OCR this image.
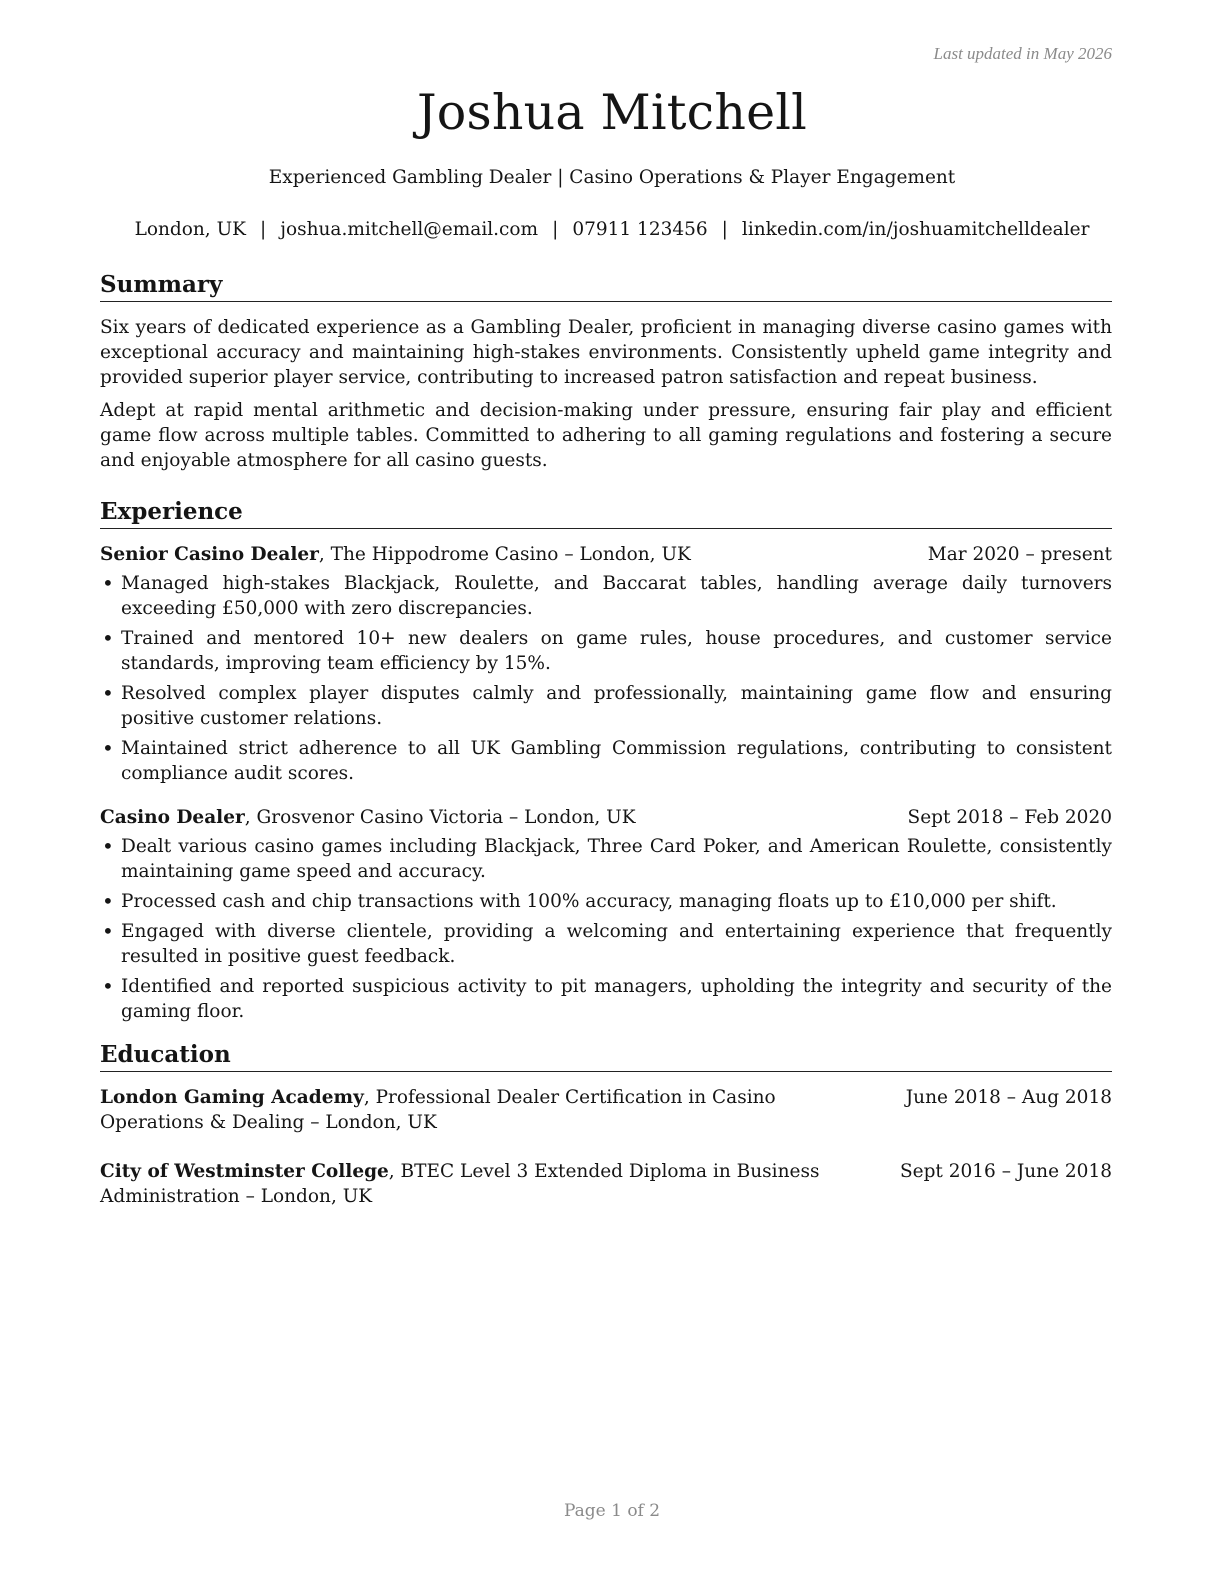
Last updated in May 2026
Joshua Mitchell
Experienced Gambling Dealer | Casino Operations & Player Engagement
London, UK | joshua.mitchell@email.com | 07911 123456 | linkedin.com/in/joshuamitchelldealer
Summary

Six years of dedicated experience as a Gambling Dealer, proficient in managing diverse casino games with exceptional accuracy and maintaining high-stakes environments. Consistently upheld game integrity and provided superior player service, contributing to increased patron satisfaction and repeat business.

Adept at rapid mental arithmetic and decision-making under pressure, ensuring fair play and efficient game flow across multiple tables. Committed to adhering to all gaming regulations and fostering a secure and enjoyable atmosphere for all casino guests.

Experience
Senior Casino Dealer, The Hippodrome Casino – London, UK	Mar 2020 – present
• Managed high-stakes Blackjack, Roulette, and Baccarat tables, handling average daily turnovers exceeding £50,000 with zero discrepancies.
• Trained and mentored 10+ new dealers on game rules, house procedures, and customer service standards, improving team efficiency by 15%.
• Resolved complex player disputes calmly and professionally, maintaining game flow and ensuring positive customer relations.
• Maintained strict adherence to all UK Gambling Commission regulations, contributing to consistent compliance audit scores.
Casino Dealer, Grosvenor Casino Victoria – London, UK	Sept 2018 – Feb 2020
• Dealt various casino games including Blackjack, Three Card Poker, and American Roulette, consistently maintaining game speed and accuracy.
• Processed cash and chip transactions with 100% accuracy, managing floats up to £10,000 per shift.
• Engaged with diverse clientele, providing a welcoming and entertaining experience that frequently resulted in positive guest feedback.
• Identified and reported suspicious activity to pit managers, upholding the integrity and security of the gaming floor.
Education
London Gaming Academy, Professional Dealer Certification in Casino Operations & Dealing – London, UK
June 2018 – Aug 2018
City of Westminster College, BTEC Level 3 Extended Diploma in Business Administration – London, UK
Sept 2016 – June 2018
Page 1 of 2
